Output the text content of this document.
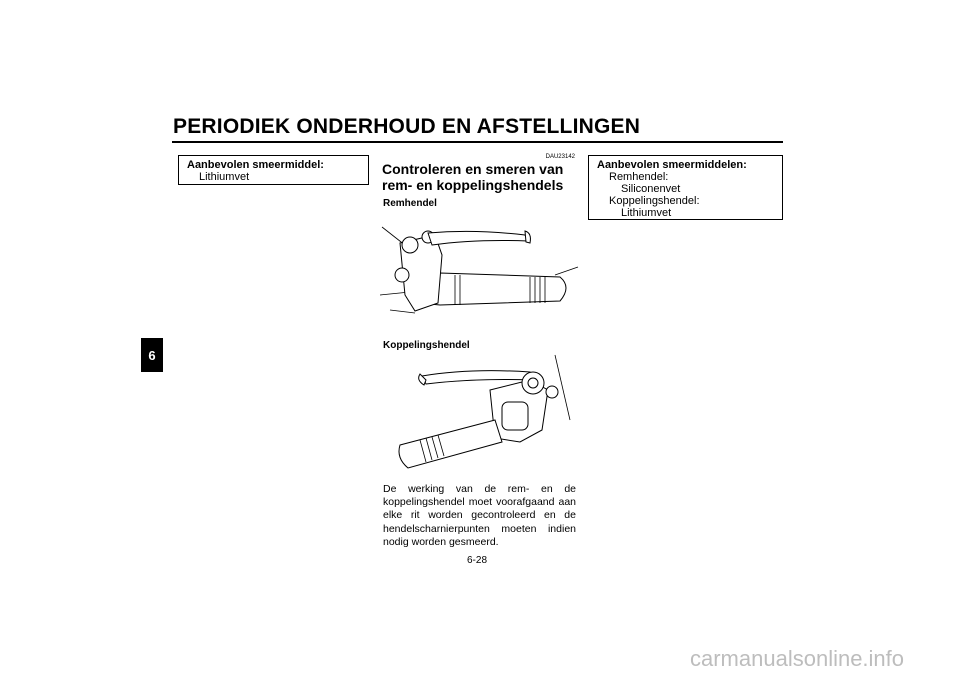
PERIODIEK ONDERHOUD EN AFSTELLINGEN
6
Aanbevolen smeermiddel:
Lithiumvet
DAU23142
Controleren en smeren van rem- en koppelingshendels
Remhendel
Koppelingshendel
De werking van de rem- en de koppelingshendel moet voorafgaand aan elke rit worden gecontroleerd en de hendelscharnierpunten moeten indien nodig worden gesmeerd.
Aanbevolen smeermiddelen:
Remhendel:
Siliconenvet
Koppelingshendel:
Lithiumvet
6-28
carmanualsonline.info
